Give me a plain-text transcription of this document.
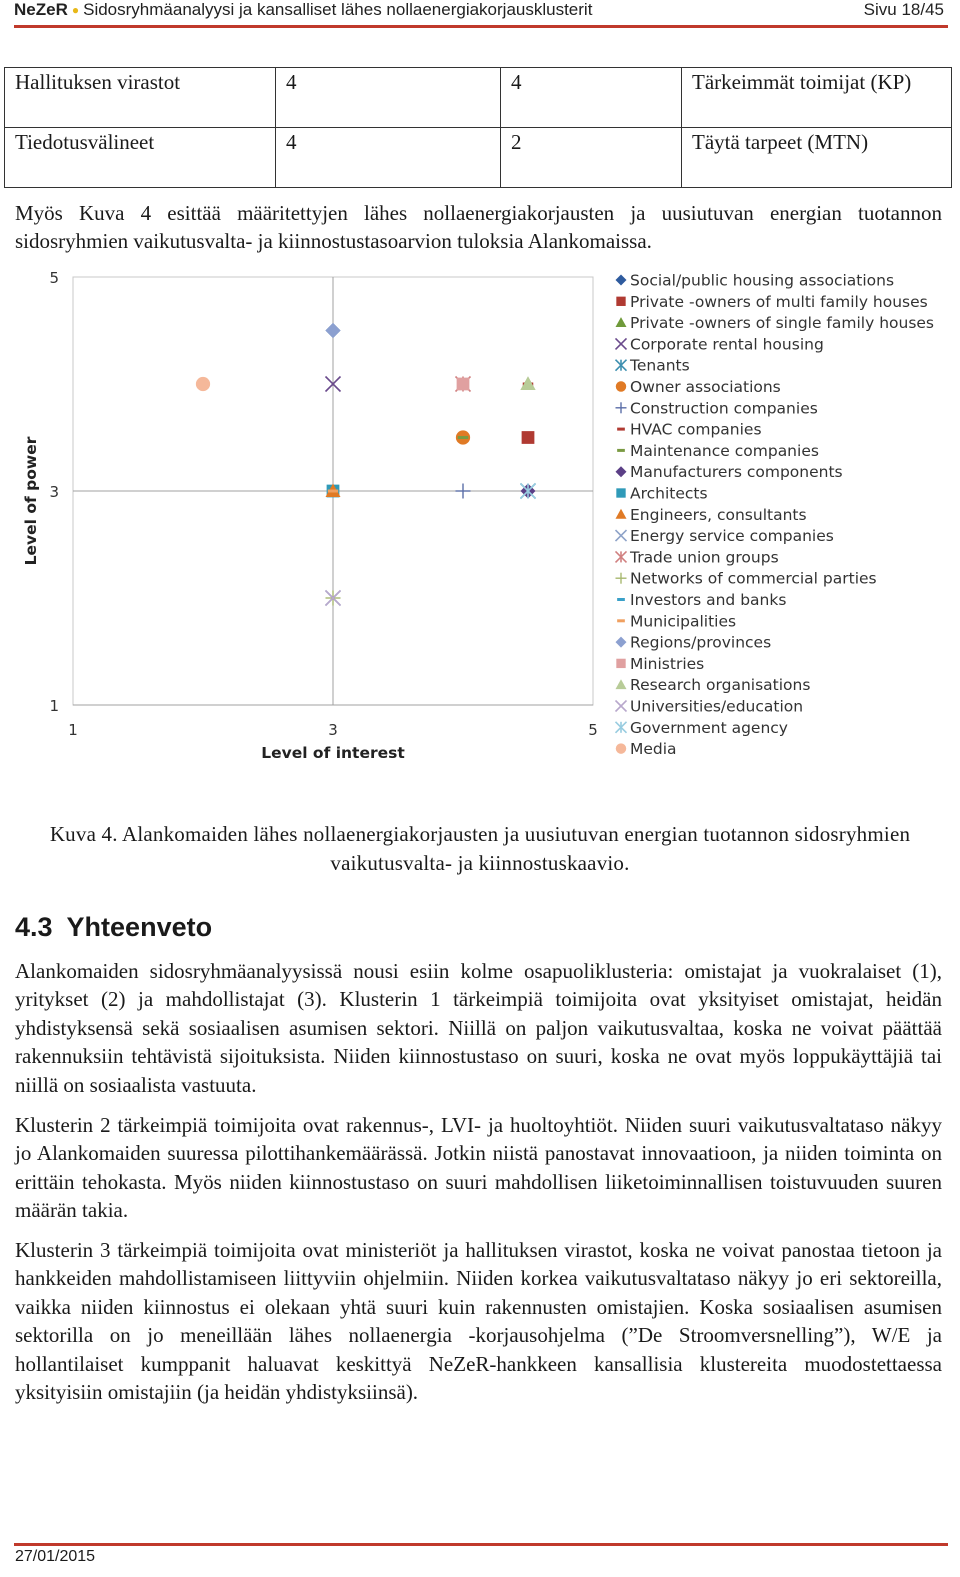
NeZeR ● Sidosryhmäanalyysi ja kansalliset lähes nollaenergiakorjausklusterit	Sivu 18/45
Hallituksen virastot	4	4	Tärkeimmät toimijat (KP)
Tiedotusvälineet	4	2	Täytä tarpeet (MTN)
Myös Kuva 4 esittää määritettyjen lähes nollaenergiakorjausten ja uusiutuvan energian tuotannon sidosryhmien vaikutusvalta- ja kiinnostustasoarvion tuloksia Alankomaissa.
1	3	5
1
3
5
Level of interest
Level of power
Social/public housing associations
Private -owners of multi family houses
Private -owners of single family houses
Corporate rental housing
Tenants
Owner associations
Construction companies
HVAC companies
Maintenance companies
Manufacturers components
Architects
Engineers, consultants
Energy service companies
Trade union groups
Networks of commercial parties
Investors and banks
Municipalities
Regions/provinces
Ministries
Research organisations
Universities/education
Government agency
Media
Kuva 4. Alankomaiden lähes nollaenergiakorjausten ja uusiutuvan energian tuotannon sidosryhmien vaikutusvalta- ja kiinnostuskaavio.
4.3 Yhteenveto
Alankomaiden sidosryhmäanalyysissä nousi esiin kolme osapuoliklusteria: omistajat ja vuokralaiset (1), yritykset (2) ja mahdollistajat (3). Klusterin 1 tärkeimpiä toimijoita ovat yksityiset omistajat, heidän yhdistyksensä sekä sosiaalisen asumisen sektori. Niillä on paljon vaikutusvaltaa, koska ne voivat päättää rakennuksiin tehtävistä sijoituksista. Niiden kiinnostustaso on suuri, koska ne ovat myös loppukäyttäjiä tai niillä on sosiaalista vastuuta.
Klusterin 2 tärkeimpiä toimijoita ovat rakennus-, LVI- ja huoltoyhtiöt. Niiden suuri vaikutusvaltataso näkyy jo Alankomaiden suuressa pilottihankemäärässä. Jotkin niistä panostavat innovaatioon, ja niiden toiminta on erittäin tehokasta. Myös niiden kiinnostustaso on suuri mahdollisen liiketoiminnallisen toistuvuuden suuren määrän takia.
Klusterin 3 tärkeimpiä toimijoita ovat ministeriöt ja hallituksen virastot, koska ne voivat panostaa tietoon ja hankkeiden mahdollistamiseen liittyviin ohjelmiin. Niiden korkea vaikutusvaltataso näkyy jo eri sektoreilla, vaikka niiden kiinnostus ei olekaan yhtä suuri kuin rakennusten omistajien. Koska sosiaalisen asumisen sektorilla on jo meneillään lähes nollaenergia -korjausohjelma (”De Stroomversnelling”), W/E ja hollantilaiset kumppanit haluavat keskittyä NeZeR-hankkeen kansallisia klustereita muodostettaessa yksityisiin omistajiin (ja heidän yhdistyksiinsä).
27/01/2015
